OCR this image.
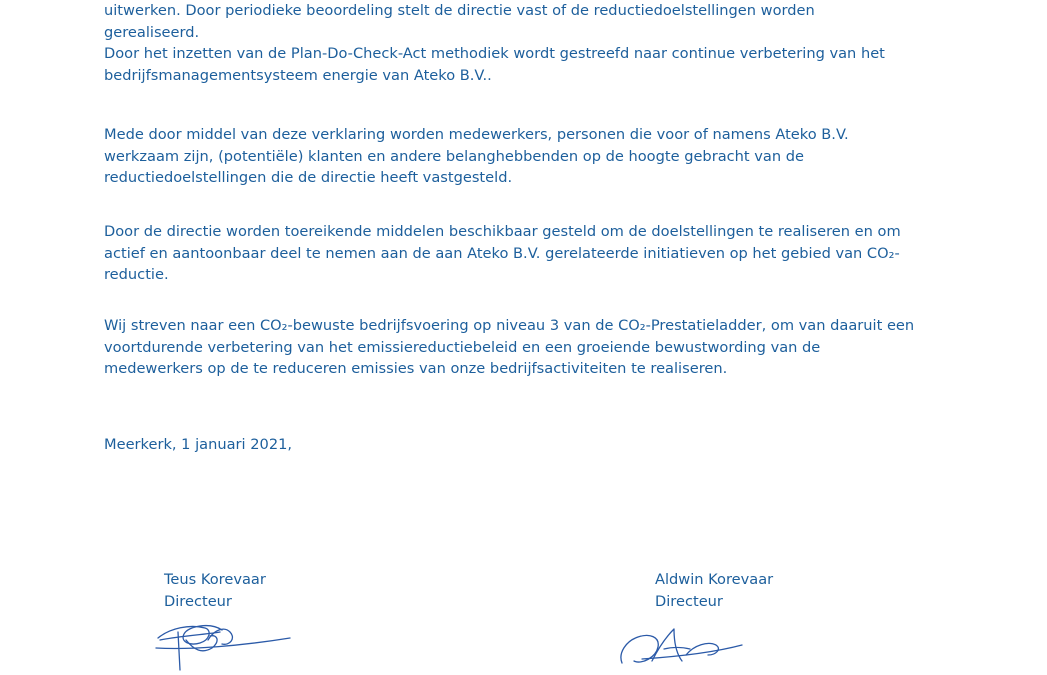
uitwerken. Door periodieke beoordeling stelt de directie vast of de reductiedoelstellingen worden
gerealiseerd.
Door het inzetten van de Plan-Do-Check-Act methodiek wordt gestreefd naar continue verbetering van het
bedrijfsmanagementsysteem energie van Ateko B.V..
Mede door middel van deze verklaring worden medewerkers, personen die voor of namens Ateko B.V.
werkzaam zijn, (potentiële) klanten en andere belanghebbenden op de hoogte gebracht van de
reductiedoelstellingen die de directie heeft vastgesteld.
Door de directie worden toereikende middelen beschikbaar gesteld om de doelstellingen te realiseren en om
actief en aantoonbaar deel te nemen aan de aan Ateko B.V. gerelateerde initiatieven op het gebied van CO₂-
reductie.
Wij streven naar een CO₂-bewuste bedrijfsvoering op niveau 3 van de CO₂-Prestatieladder, om van daaruit een
voortdurende verbetering van het emissiereductiebeleid en een groeiende bewustwording van de
medewerkers op de te reduceren emissies van onze bedrijfsactiviteiten te realiseren.
Meerkerk, 1 januari 2021,
Teus Korevaar
Directeur
Aldwin Korevaar
Directeur
